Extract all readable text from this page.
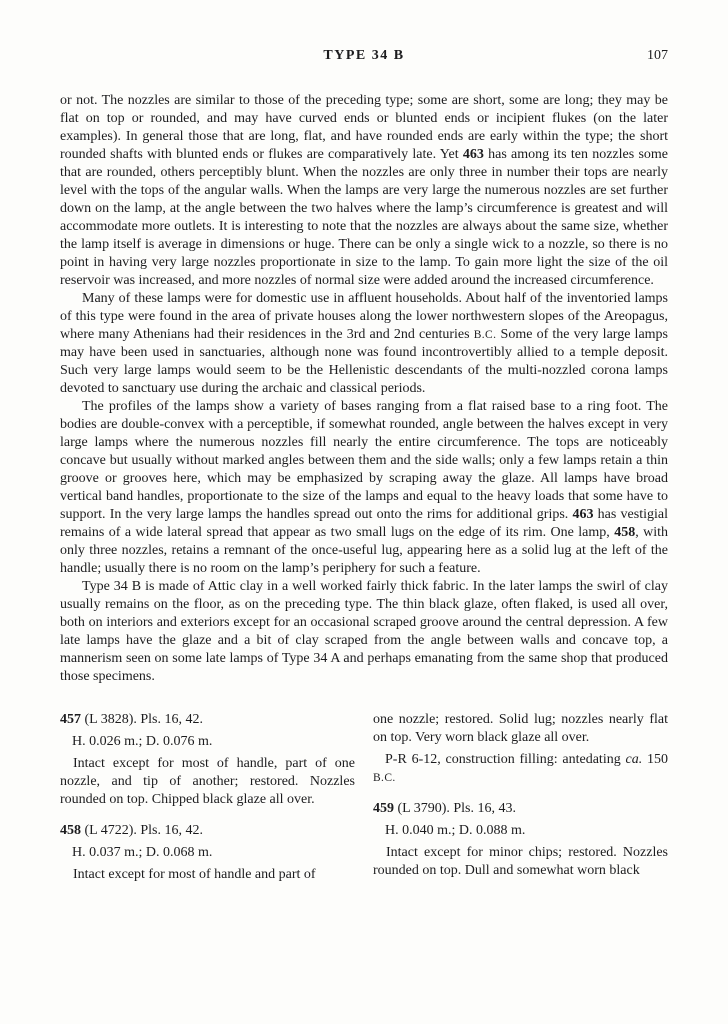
TYPE 34 B	107

or not. The nozzles are similar to those of the preceding type; some are short, some are long; they may be flat on top or rounded, and may have curved ends or blunted ends or incipient flukes (on the later examples). In general those that are long, flat, and have rounded ends are early within the type; the short rounded shafts with blunted ends or flukes are comparatively late. Yet 463 has among its ten nozzles some that are rounded, others perceptibly blunt. When the nozzles are only three in number their tops are nearly level with the tops of the angular walls. When the lamps are very large the numerous nozzles are set further down on the lamp, at the angle between the two halves where the lamp’s circumference is greatest and will accommodate more outlets. It is interesting to note that the nozzles are always about the same size, whether the lamp itself is average in dimensions or huge. There can be only a single wick to a nozzle, so there is no point in having very large nozzles proportionate in size to the lamp. To gain more light the size of the oil reservoir was increased, and more nozzles of normal size were added around the increased circumference.

Many of these lamps were for domestic use in affluent households. About half of the inventoried lamps of this type were found in the area of private houses along the lower northwestern slopes of the Areopagus, where many Athenians had their residences in the 3rd and 2nd centuries B.C. Some of the very large lamps may have been used in sanctuaries, although none was found incontrovertibly allied to a temple deposit. Such very large lamps would seem to be the Hellenistic descendants of the multi-nozzled corona lamps devoted to sanctuary use during the archaic and classical periods.

The profiles of the lamps show a variety of bases ranging from a flat raised base to a ring foot. The bodies are double-convex with a perceptible, if somewhat rounded, angle between the halves except in very large lamps where the numerous nozzles fill nearly the entire circumference. The tops are noticeably concave but usually without marked angles between them and the side walls; only a few lamps retain a thin groove or grooves here, which may be emphasized by scraping away the glaze. All lamps have broad vertical band handles, proportionate to the size of the lamps and equal to the heavy loads that some have to support. In the very large lamps the handles spread out onto the rims for additional grips. 463 has vestigial remains of a wide lateral spread that appear as two small lugs on the edge of its rim. One lamp, 458, with only three nozzles, retains a remnant of the once-useful lug, appearing here as a solid lug at the left of the handle; usually there is no room on the lamp’s periphery for such a feature.

Type 34 B is made of Attic clay in a well worked fairly thick fabric. In the later lamps the swirl of clay usually remains on the floor, as on the preceding type. The thin black glaze, often flaked, is used all over, both on interiors and exteriors except for an occasional scraped groove around the central depression. A few late lamps have the glaze and a bit of clay scraped from the angle between walls and concave top, a mannerism seen on some late lamps of Type 34 A and perhaps emanating from the same shop that produced those specimens.

457 (L 3828). Pls. 16, 42.

H. 0.026 m.; D. 0.076 m.

Intact except for most of handle, part of one nozzle, and tip of another; restored. Nozzles rounded on top. Chipped black glaze all over.

458 (L 4722). Pls. 16, 42.

H. 0.037 m.; D. 0.068 m.

Intact except for most of handle and part of

one nozzle; restored. Solid lug; nozzles nearly flat on top. Very worn black glaze all over.

P-R 6-12, construction filling: antedating ca. 150 B.C.

459 (L 3790). Pls. 16, 43.

H. 0.040 m.; D. 0.088 m.

Intact except for minor chips; restored. Nozzles rounded on top. Dull and somewhat worn black
